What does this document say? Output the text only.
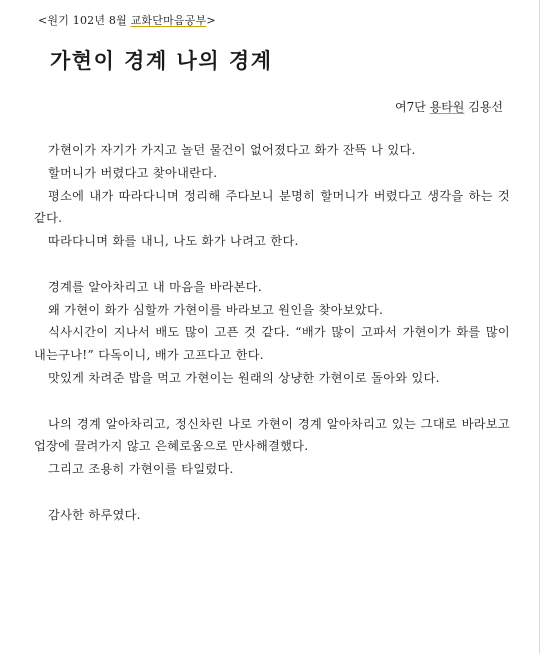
<원기 102년 8월 교화단마음공부>
가현이 경계 나의 경계
여7단 용타원 김용선

가현이가 자기가 가지고 놀던 물건이 없어졌다고 화가 잔뜩 나 있다.

할머니가 버렸다고 찾아내란다.

평소에 내가 따라다니며 정리해 주다보니 분명히 할머니가 버렸다고 생각을 하는 것 같다.

따라다니며 화를 내니, 나도 화가 나려고 한다.

경계를 알아차리고 내 마음을 바라본다.

왜 가현이 화가 심할까 가현이를 바라보고 원인을 찾아보았다.

식사시간이 지나서 배도 많이 고픈 것 같다. “배가 많이 고파서 가현이가 화를 많이 내는구나!” 다독이니, 배가 고프다고 한다.

맛있게 차려준 밥을 먹고 가현이는 원래의 상냥한 가현이로 돌아와 있다.

나의 경계 알아차리고, 정신차린 나로 가현이 경계 알아차리고 있는 그대로 바라보고 업장에 끌려가지 않고 은혜로움으로 만사해결했다.

그리고 조용히 가현이를 타일렀다.

감사한 하루였다.
